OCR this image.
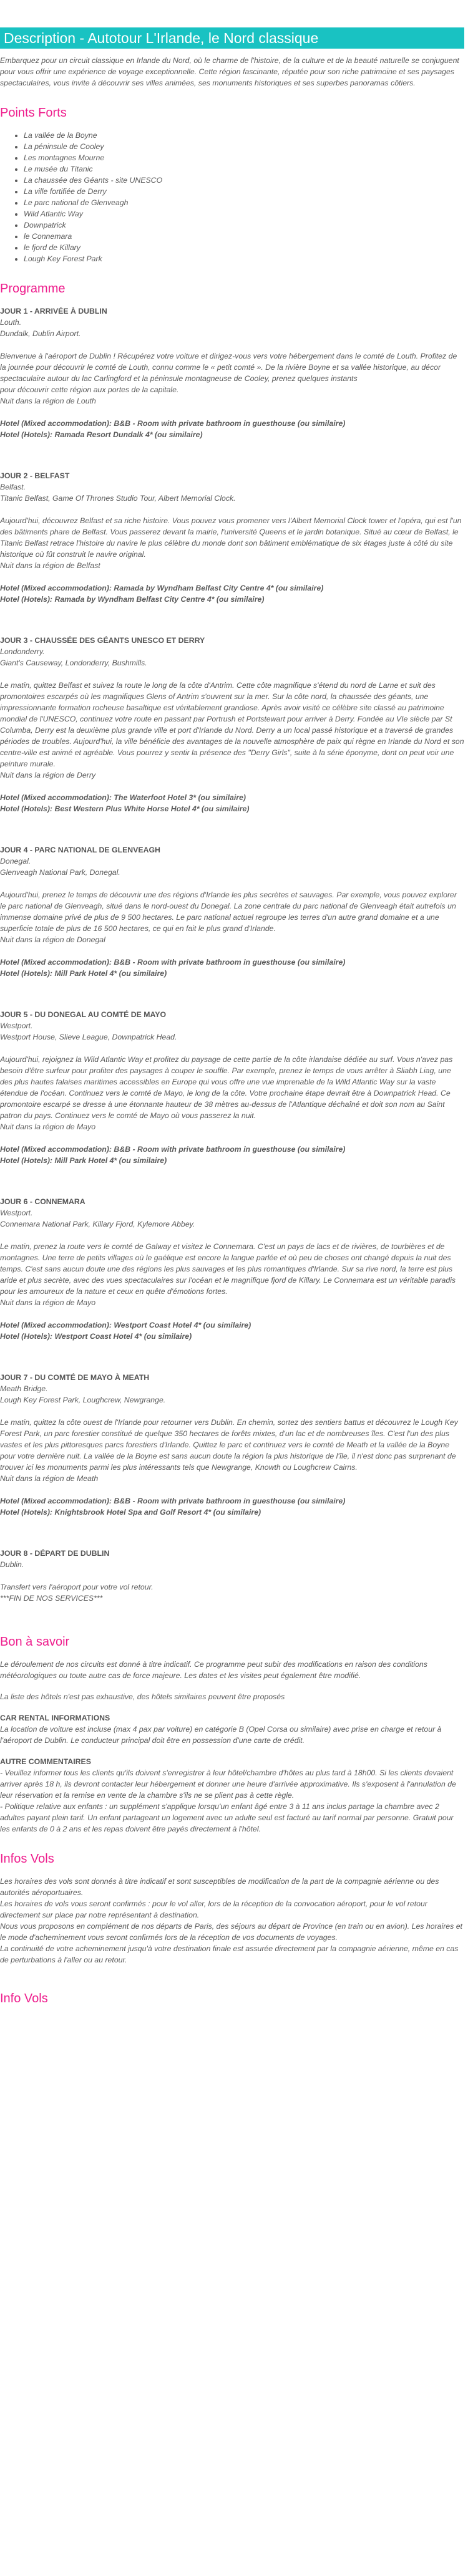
Description - Autotour L'Irlande, le Nord classique

Embarquez pour un circuit classique en Irlande du Nord, où le charme de l'histoire, de la culture et de la beauté naturelle se conjuguent pour vous offrir une expérience de voyage exceptionnelle. Cette région fascinante, réputée pour son riche patrimoine et ses paysages spectaculaires, vous invite à découvrir ses villes animées, ses monuments historiques et ses superbes panoramas côtiers.

Points Forts
• La vallée de la Boyne
• La péninsule de Cooley
• Les montagnes Mourne
• Le musée du Titanic
• La chaussée des Géants - site UNESCO
• La ville fortifiée de Derry
• Le parc national de Glenveagh
• Wild Atlantic Way
• Downpatrick
• le Connemara
• le fjord de Killary
• Lough Key Forest Park
Programme

JOUR 1 - ARRIVÉE À DUBLIN

Louth.

Dundalk, Dublin Airport.

Bienvenue à l'aéroport de Dublin ! Récupérez votre voiture et dirigez-vous vers votre hébergement dans le comté de Louth. Profitez de la journée pour découvrir le comté de Louth, connu comme le « petit comté ». De la rivière Boyne et sa vallée historique, au décor spectaculaire autour du lac Carlingford et la péninsule montagneuse de Cooley, prenez quelques instants

pour découvrir cette région aux portes de la capitale.

Nuit dans la région de Louth

Hotel (Mixed accommodation): B&B - Room with private bathroom in guesthouse (ou similaire)

Hotel (Hotels): Ramada Resort Dundalk 4* (ou similaire)

JOUR 2 - BELFAST

Belfast.

Titanic Belfast, Game Of Thrones Studio Tour, Albert Memorial Clock.

Aujourd'hui, découvrez Belfast et sa riche histoire. Vous pouvez vous promener vers l'Albert Memorial Clock tower et l'opéra, qui est l'un des bâtiments phare de Belfast. Vous passerez devant la mairie, l'université Queens et le jardin botanique. Situé au cœur de Belfast, le Titanic Belfast retrace l'histoire du navire le plus célèbre du monde dont son bâtiment emblématique de six étages juste à côté du site historique où fût construit le navire original.

Nuit dans la région de Belfast

Hotel (Mixed accommodation): Ramada by Wyndham Belfast City Centre 4* (ou similaire)

Hotel (Hotels): Ramada by Wyndham Belfast City Centre 4* (ou similaire)

JOUR 3 - CHAUSSÉE DES GÉANTS UNESCO ET DERRY

Londonderry.

Giant's Causeway, Londonderry, Bushmills.

Le matin, quittez Belfast et suivez la route le long de la côte d'Antrim. Cette côte magnifique s'étend du nord de Larne et suit des promontoires escarpés où les magnifiques Glens of Antrim s'ouvrent sur la mer. Sur la côte nord, la chaussée des géants, une impressionnante formation rocheuse basaltique est véritablement grandiose. Après avoir visité ce célèbre site classé au patrimoine mondial de l'UNESCO, continuez votre route en passant par Portrush et Portstewart pour arriver à Derry. Fondée au VIe siècle par St Columba, Derry est la deuxième plus grande ville et port d'Irlande du Nord. Derry a un local passé historique et a traversé de grandes périodes de troubles. Aujourd'hui, la ville bénéficie des avantages de la nouvelle atmosphère de paix qui règne en Irlande du Nord et son centre-ville est animé et agréable. Vous pourrez y sentir la présence des "Derry Girls", suite à la série éponyme, dont on peut voir une peinture murale.

Nuit dans la région de Derry

Hotel (Mixed accommodation): The Waterfoot Hotel 3* (ou similaire)

Hotel (Hotels): Best Western Plus White Horse Hotel 4* (ou similaire)

JOUR 4 - PARC NATIONAL DE GLENVEAGH

Donegal.

Glenveagh National Park, Donegal.

Aujourd'hui, prenez le temps de découvrir une des régions d'Irlande les plus secrètes et sauvages. Par exemple, vous pouvez explorer le parc national de Glenveagh, situé dans le nord-ouest du Donegal. La zone centrale du parc national de Glenveagh était autrefois un immense domaine privé de plus de 9 500 hectares. Le parc national actuel regroupe les terres d'un autre grand domaine et a une superficie totale de plus de 16 500 hectares, ce qui en fait le plus grand d'Irlande.

Nuit dans la région de Donegal

Hotel (Mixed accommodation): B&B - Room with private bathroom in guesthouse (ou similaire)

Hotel (Hotels): Mill Park Hotel 4* (ou similaire)

JOUR 5 - DU DONEGAL AU COMTÉ DE MAYO

Westport.

Westport House, Slieve League, Downpatrick Head.

Aujourd'hui, rejoignez la Wild Atlantic Way et profitez du paysage de cette partie de la côte irlandaise dédiée au surf. Vous n'avez pas besoin d'être surfeur pour profiter des paysages à couper le souffle. Par exemple, prenez le temps de vous arrêter à Sliabh Liag, une des plus hautes falaises maritimes accessibles en Europe qui vous offre une vue imprenable de la Wild Atlantic Way sur la vaste étendue de l'océan. Continuez vers le comté de Mayo, le long de la côte. Votre prochaine étape devrait être à Downpatrick Head. Ce promontoire escarpé se dresse à une étonnante hauteur de 38 mètres au-dessus de l'Atlantique déchaîné et doit son nom au Saint patron du pays. Continuez vers le comté de Mayo où vous passerez la nuit.

Nuit dans la région de Mayo

Hotel (Mixed accommodation): B&B - Room with private bathroom in guesthouse (ou similaire)

Hotel (Hotels): Mill Park Hotel 4* (ou similaire)

JOUR 6 - CONNEMARA

Westport.

Connemara National Park, Killary Fjord, Kylemore Abbey.

Le matin, prenez la route vers le comté de Galway et visitez le Connemara. C'est un pays de lacs et de rivières, de tourbières et de montagnes. Une terre de petits villages où le gaélique est encore la langue parlée et où peu de choses ont changé depuis la nuit des temps. C'est sans aucun doute une des régions les plus sauvages et les plus romantiques d'Irlande. Sur sa rive nord, la terre est plus aride et plus secrète, avec des vues spectaculaires sur l'océan et le magnifique fjord de Killary. Le Connemara est un véritable paradis pour les amoureux de la nature et ceux en quête d'émotions fortes.

Nuit dans la région de Mayo

Hotel (Mixed accommodation): Westport Coast Hotel 4* (ou similaire)

Hotel (Hotels): Westport Coast Hotel 4* (ou similaire)

JOUR 7 - DU COMTÉ DE MAYO À MEATH

Meath Bridge.

Lough Key Forest Park, Loughcrew, Newgrange.

Le matin, quittez la côte ouest de l'Irlande pour retourner vers Dublin. En chemin, sortez des sentiers battus et découvrez le Lough Key Forest Park, un parc forestier constitué de quelque 350 hectares de forêts mixtes, d'un lac et de nombreuses îles. C'est l'un des plus vastes et les plus pittoresques parcs forestiers d'Irlande. Quittez le parc et continuez vers le comté de Meath et la vallée de la Boyne pour votre dernière nuit. La vallée de la Boyne est sans aucun doute la région la plus historique de l'île, il n'est donc pas surprenant de trouver ici les monuments parmi les plus intéressants tels que Newgrange, Knowth ou Loughcrew Cairns.

Nuit dans la région de Meath

Hotel (Mixed accommodation): B&B - Room with private bathroom in guesthouse (ou similaire)

Hotel (Hotels): Knightsbrook Hotel Spa and Golf Resort 4* (ou similaire)

JOUR 8 - DÉPART DE DUBLIN

Dublin.

Transfert vers l'aéroport pour votre vol retour.

***FIN DE NOS SERVICES***

Bon à savoir

Le déroulement de nos circuits est donné à titre indicatif. Ce programme peut subir des modifications en raison des conditions météorologiques ou toute autre cas de force majeure. Les dates et les visites peut également être modifié.

La liste des hôtels n'est pas exhaustive, des hôtels similaires peuvent être proposés

CAR RENTAL INFORMATIONS

La location de voiture est incluse (max 4 pax par voiture) en catégorie B (Opel Corsa ou similaire) avec prise en charge et retour à l'aéroport de Dublin. Le conducteur principal doit être en possession d'une carte de crédit.

AUTRE COMMENTAIRES

- Veuillez informer tous les clients qu'ils doivent s'enregistrer à leur hôtel/chambre d'hôtes au plus tard à 18h00. Si les clients devaient arriver après 18 h, ils devront contacter leur hébergement et donner une heure d'arrivée approximative. Ils s'exposent à l'annulation de leur réservation et la remise en vente de la chambre s'ils ne se plient pas à cette règle.

- Politique relative aux enfants : un supplément s'applique lorsqu'un enfant âgé entre 3 à 11 ans inclus partage la chambre avec 2 adultes payant plein tarif. Un enfant partageant un logement avec un adulte seul est facturé au tarif normal par personne. Gratuit pour les enfants de 0 à 2 ans et les repas doivent être payés directement à l'hôtel.

Infos Vols

Les horaires des vols sont donnés à titre indicatif et sont susceptibles de modification de la part de la compagnie aérienne ou des autorités aéroportuaires.

Les horaires de vols vous seront confirmés : pour le vol aller, lors de la réception de la convocation aéroport, pour le vol retour directement sur place par notre représentant à destination.

Nous vous proposons en complément de nos départs de Paris, des séjours au départ de Province (en train ou en avion). Les horaires et le mode d'acheminement vous seront confirmés lors de la réception de vos documents de voyages.

La continuité de votre acheminement jusqu'à votre destination finale est assurée directement par la compagnie aérienne, même en cas de perturbations à l'aller ou au retour.

Info Vols
